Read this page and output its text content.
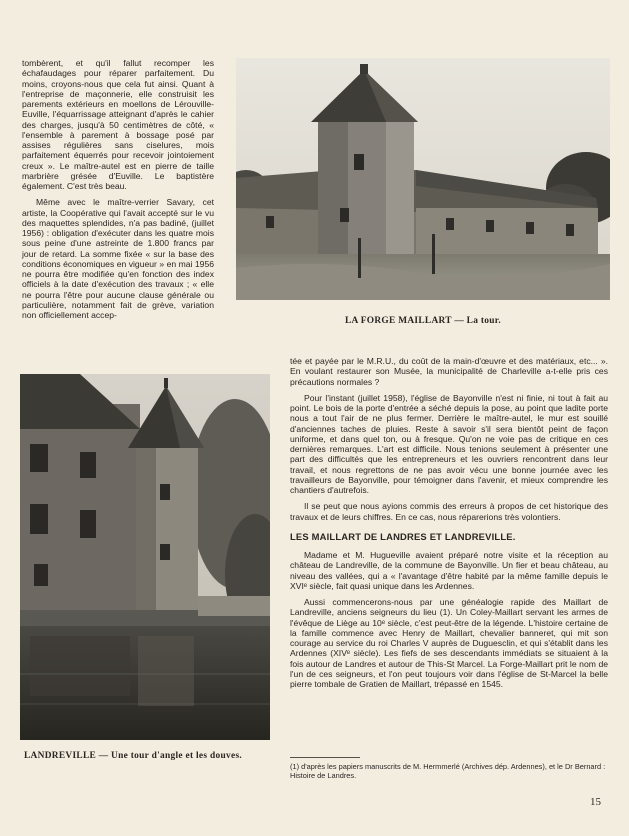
tombèrent, et qu'il fallut recomper les échafaudages pour réparer parfaitement. Du moins, croyons-nous que cela fut ainsi. Quant à l'entreprise de maçonnerie, elle construisit les parements extérieurs en moellons de Lérouville-Euville, l'équarrissage atteignant d'après le cahier des charges, jusqu'à 50 centimètres de côté, « l'ensemble à parement à bossage posé par assises régulières sans ciselures, mois parfaitement équerrés pour recevoir jointoiement creux ». Le maître-autel est en pierre de taille marbrière grésée d'Euville. Le baptistère également. C'est très beau.

Même avec le maître-verrier Savary, cet artiste, la Coopérative qui l'avait accepté sur le vu des maquettes splendides, n'a pas badiné, (juillet 1956) : obligation d'exécuter dans les quatre mois sous peine d'une astreinte de 1.800 francs par jour de retard. La somme fixée « sur la base des conditions économiques en vigueur » en mai 1956 ne pourra être modifiée qu'en fonction des index officiels à la date d'exécution des travaux ; « elle ne pourra l'être pour aucune clause générale ou particulière, notamment fait de grève, variation non officiellement accep-

LA FORGE MAILLART — La tour.
LANDREVILLE — Une tour d'angle et les douves.

tée et payée par le M.R.U., du coût de la main-d'œuvre et des matériaux, etc... ». En voulant restaurer son Musée, la municipalité de Charleville a-t-elle pris ces précautions normales ?

Pour l'instant (juillet 1958), l'église de Bayonville n'est ni finie, ni tout à fait au point. Le bois de la porte d'entrée a séché depuis la pose, au point que ladite porte nous a tout l'air de ne plus fermer. Derrière le maître-autel, le mur est souillé d'anciennes taches de pluies. Reste à savoir s'il sera bientôt peint de façon uniforme, et dans quel ton, ou à fresque. Qu'on ne voie pas de critique en ces dernières remarques. L'art est difficile. Nous tenions seulement à présenter une part des difficultés que les entrepreneurs et les ouvriers rencontrent dans leur travail, et nous regrettons de ne pas avoir vécu une bonne journée avec les travailleurs de Bayonville, pour témoigner dans l'avenir, et mieux comprendre les chantiers d'autrefois.

Il se peut que nous ayions commis des erreurs à propos de cet historique des travaux et de leurs chiffres. En ce cas, nous réparerions très volontiers.

LES MAILLART DE LANDRES ET LANDREVILLE.

Madame et M. Hugueville avaient préparé notre visite et la réception au château de Landreville, de la commune de Bayonville. Un fier et beau château, au niveau des vallées, qui a « l'avantage d'être habité par la même famille depuis le XVIᵉ siècle, fait quasi unique dans les Ardennes.

Aussi commencerons-nous par une généalogie rapide des Maillart de Landreville, anciens seigneurs du lieu (1). Un Coley-Maillart servant les armes de l'évêque de Liège au 10ᵉ siècle, c'est peut-être de la légende. L'histoire certaine de la famille commence avec Henry de Maillart, chevalier banneret, qui mit son courage au service du roi Charles V auprès de Duguesclin, et qui s'établit dans les Ardennes (XIVᵉ siècle). Les fiefs de ses descendants immédiats se situaient à la fois autour de Landres et autour de This-St Marcel. La Forge-Maillart prit le nom de l'un de ces seigneurs, et l'on peut toujours voir dans l'église de St-Marcel la belle pierre tombale de Gratien de Maillart, trépassé en 1545.

(1) d'après les papiers manuscrits de M. Hermmerlé (Archives dép. Ardennes), et le Dr Bernard : Histoire de Landres.
15
